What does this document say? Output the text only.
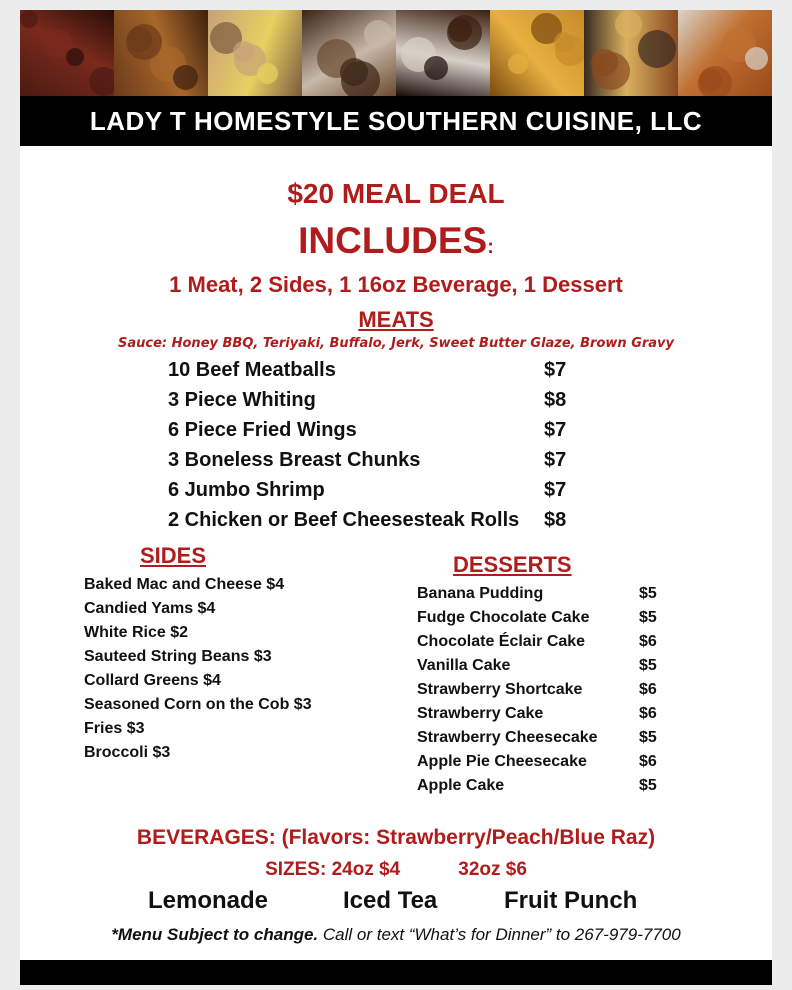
LADY T HOMESTYLE SOUTHERN CUISINE, LLC
$20 MEAL DEAL
INCLUDES:
1 Meat, 2 Sides, 1 16oz Beverage, 1 Dessert
MEATS
Sauce: Honey BBQ, Teriyaki, Buffalo, Jerk, Sweet Butter Glaze, Brown Gravy
10 Beef Meatballs	$7
3 Piece Whiting	$8
6 Piece Fried Wings	$7
3 Boneless Breast Chunks	$7
6 Jumbo Shrimp	$7
2 Chicken or Beef Cheesesteak Rolls $8
SIDES
Baked Mac and Cheese $4
Candied Yams $4
White Rice $2
Sauteed String Beans $3
Collard Greens $4
Seasoned Corn on the Cob $3
Fries $3
Broccoli $3
DESSERTS
Banana Pudding	$5
Fudge Chocolate Cake	$5
Chocolate Éclair Cake	$6
Vanilla Cake	$5
Strawberry Shortcake	$6
Strawberry Cake	$6
Strawberry Cheesecake	$5
Apple Pie Cheesecake	$6
Apple Cake	$5
BEVERAGES: (Flavors: Strawberry/Peach/Blue Raz)
SIZES: 24oz $4	32oz $6
Lemonade	Iced Tea	Fruit Punch
*Menu Subject to change. Call or text “What’s for Dinner” to 267-979-7700
